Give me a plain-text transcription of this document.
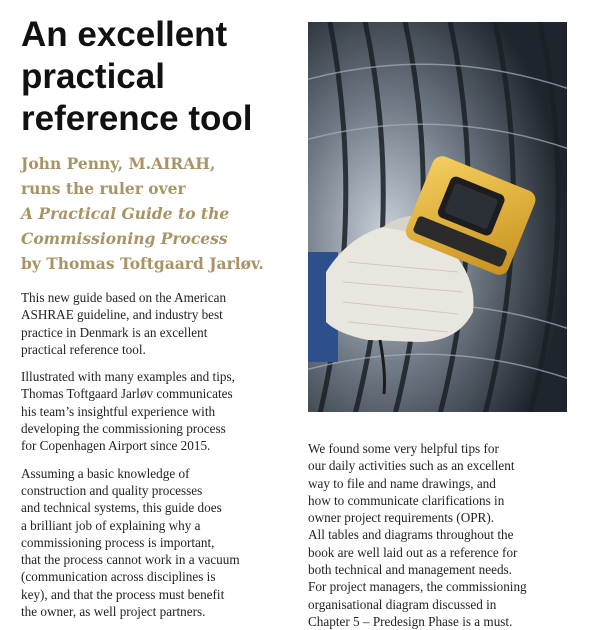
An excellent
practical
reference tool
John Penny, M.AIRAH,
runs the ruler over
A Practical Guide to the
Commissioning Process
by Thomas Toftgaard Jarløv.

This new guide based on the American
ASHRAE guideline, and industry best
practice in Denmark is an excellent
practical reference tool.

Illustrated with many examples and tips,
Thomas Toftgaard Jarløv communicates
his team’s insightful experience with
developing the commissioning process
for Copenhagen Airport since 2015.

Assuming a basic knowledge of
construction and quality processes
and technical systems, this guide does
a brilliant job of explaining why a
commissioning process is important,
that the process cannot work in a vacuum
(communication across disciplines is
key), and that the process must benefit
the owner, as well project partners.

We found some very helpful tips for
our daily activities such as an excellent
way to file and name drawings, and
how to communicate clarifications in
owner project requirements (OPR).
All tables and diagrams throughout the
book are well laid out as a reference for
both technical and management needs.
For project managers, the commissioning
organisational diagram discussed in
Chapter 5 – Predesign Phase is a must.
